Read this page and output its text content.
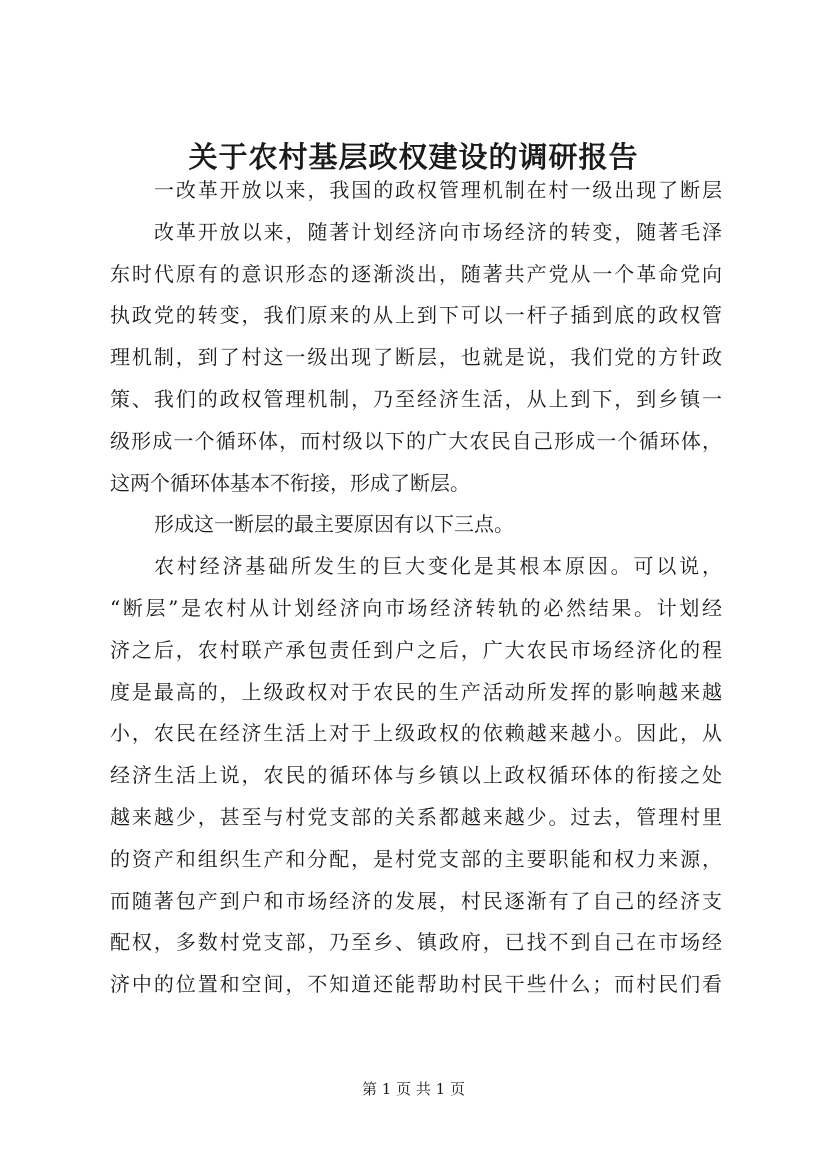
关于农村基层政权建设的调研报告
一改革开放以来，我国的政权管理机制在村一级出现了断层
改革开放以来，随著计划经济向市场经济的转变，随著毛泽
东时代原有的意识形态的逐渐淡出，随著共产党从一个革命党向
执政党的转变，我们原来的从上到下可以一杆子插到底的政权管
理机制，到了村这一级出现了断层，也就是说，我们党的方针政
策、我们的政权管理机制，乃至经济生活，从上到下，到乡镇一
级形成一个循环体，而村级以下的广大农民自己形成一个循环体，
这两个循环体基本不衔接，形成了断层。
形成这一断层的最主要原因有以下三点。
农村经济基础所发生的巨大变化是其根本原因。可以说，
“断层”是农村从计划经济向市场经济转轨的必然结果。计划经
济之后，农村联产承包责任到户之后，广大农民市场经济化的程
度是最高的，上级政权对于农民的生产活动所发挥的影响越来越
小，农民在经济生活上对于上级政权的依赖越来越小。因此，从
经济生活上说，农民的循环体与乡镇以上政权循环体的衔接之处
越来越少，甚至与村党支部的关系都越来越少。过去，管理村里
的资产和组织生产和分配，是村党支部的主要职能和权力来源，
而随著包产到户和市场经济的发展，村民逐渐有了自己的经济支
配权，多数村党支部，乃至乡、镇政府，已找不到自己在市场经
济中的位置和空间，不知道还能帮助村民干些什么；而村民们看
第 1 页 共 1 页
